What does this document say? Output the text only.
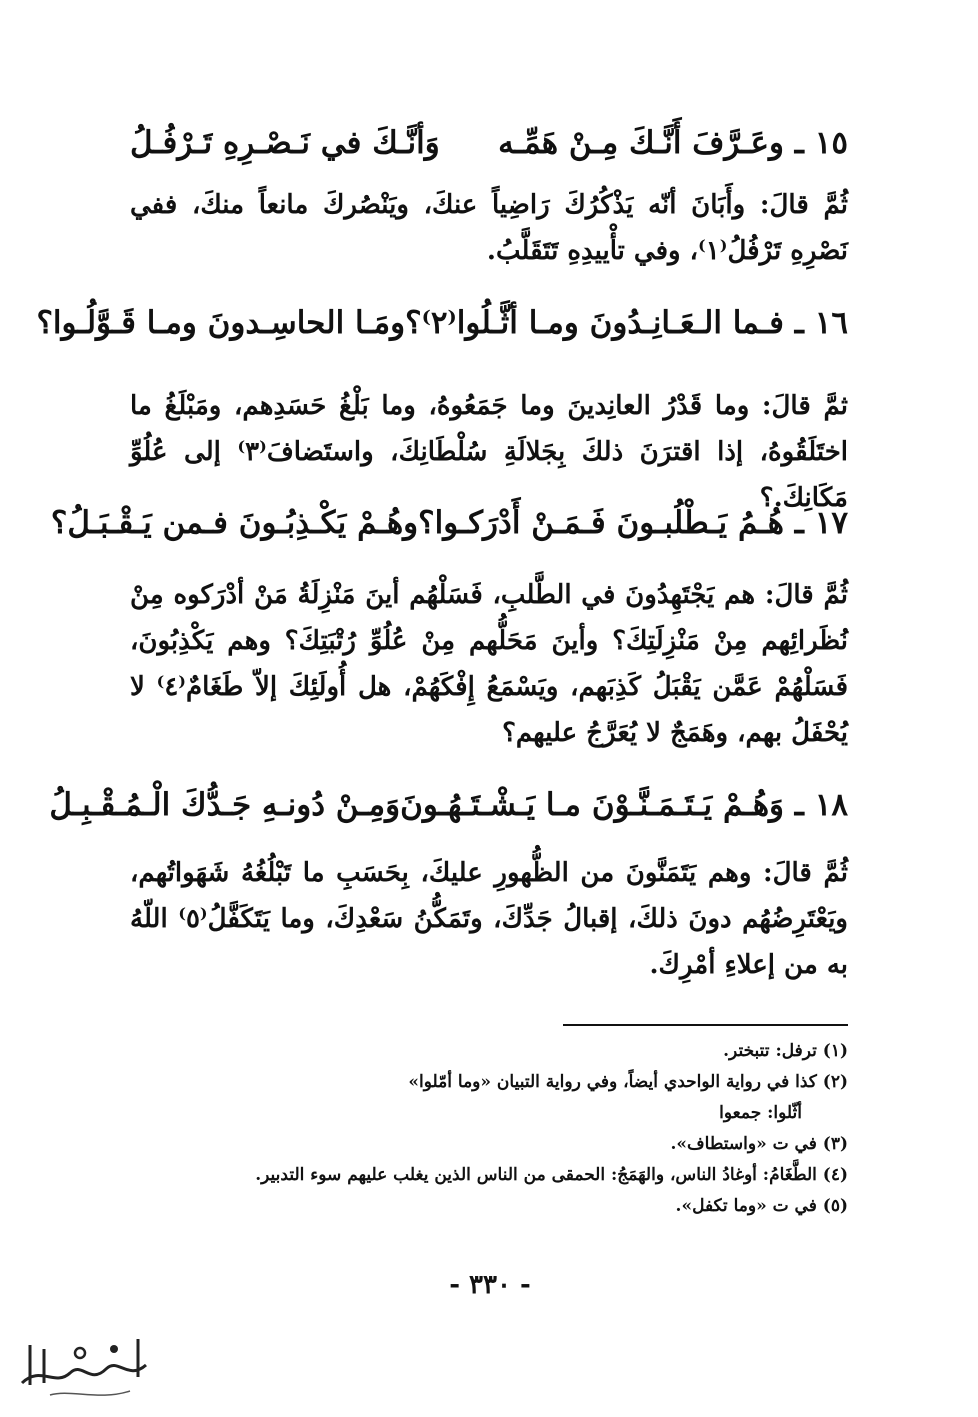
١٥ ـ وعَـرَّفَ أَنَّـكَ مِـنْ هَمِّـه
وَأنَّـكَ في نَـصْـرِهِ تَـرْفُـلُ
ثُمَّ قالَ: وأَبَانَ أنّه يَذْكُرُكَ رَاضِياً عنكَ، ويَنْصُركَ مانعاً منكَ، ففي نَصْرِهِ تَرْفُلُ⁽١⁾، وفي تأْييدِهِ تَتَقَلَّبُ.
١٦ ـ فـما الـعَـانِـدُونَ ومـا أثَّـلُوا⁽٢⁾؟
ومَـا الحاسِـدونَ ومـا قَـوَّلُـوا؟
ثمَّ قالَ: وما قَدْرُ العانِدينَ وما جَمَعُوهُ، وما بَلْغُ حَسَدِهم، ومَبْلَغُ ما اختَلَقُوهُ، إذا اقترَنَ ذلكَ بِجَلالَةِ سُلْطَانِكَ، واستَضافَ⁽٣⁾ إلى عُلُوِّ مَكَانِكَ.؟
١٧ ـ هُـمُ يَـطْلُبـونَ فَـمَـنْ أَدْرَكـوا؟
وهُـمْ يَكْـذِبُـونَ فـمن يَـقْـبَـلُ؟
ثُمَّ قالَ: هم يَجْتَهِدُونَ في الطَّلبِ، فَسَلْهُم أينَ مَنْزِلَةُ مَنْ أدْرَكوه مِنْ نُظَرائِهم مِنْ مَنْزِلَتِكَ؟ وأينَ مَحَلُّهم مِنْ عُلُوِّ رُتْبَتِكَ؟ وهم يَكْذِبُونَ، فَسَلْهُمْ عَمَّن يَقْبَلُ كَذِبَهم، ويَسْمَعُ إِفْكَهُمْ، هل أُولَئِكَ إلاّ طَغَامٌ⁽٤⁾ لا يُحْفَلُ بهم، وهَمَجٌ لا يُعَرَّجُ عليهم؟
١٨ ـ وَهُـمْ يَـتَـمَـنَّـوْنَ مـا يَـشْـتَـهُـونَ
وَمِـنْ دُونـهِ جَـدُّكَ الْـمُـقْـبِـلُ
ثُمَّ قالَ: وهم يَتَمَنَّونَ من الظُّهورِ عليكَ، بِحَسَبِ ما تَبْلُغُهُ شَهَواتُهم، ويَعْتَرِضُهُم دونَ ذلكَ، إقبالُ جَدِّكَ، وتَمَكُّنُ سَعْدِكَ، وما يَتَكَفَّلُ⁽٥⁾ اللّهُ به من إعلاءِ أمْرِكَ.
(١) ترفل: تتبختر.
(٢) كذا في رواية الواحدي أيضاً، وفي رواية التبيان «وما أمّلوا»
أثّلوا: جمعوا
(٣) في ت «واستطاف».
(٤) الطَّغَامُ: أوغادُ الناس، والهَمَجُ: الحمقى من الناس الذين يغلب عليهم سوء التدبير.
(٥) في ت «وما تكفل».
- ٣٣٠ -
